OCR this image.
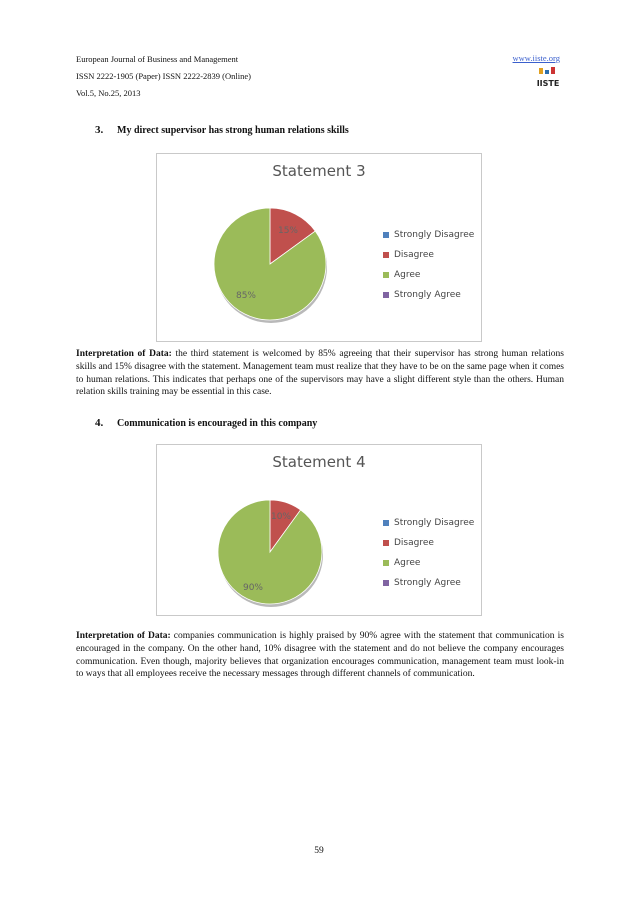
European Journal of Business and Management
ISSN 2222-1905 (Paper) ISSN 2222-2839 (Online)
Vol.5, No.25, 2013
www.iiste.org
IISTE
3. My direct supervisor has strong human relations skills
Statement 3
15%
85%
Strongly Disagree
Disagree
Agree
Strongly Agree
Interpretation of Data: the third statement is welcomed by 85% agreeing that their supervisor has strong human relations skills and 15% disagree with the statement. Management team must realize that they have to be on the same page when it comes to human relations. This indicates that perhaps one of the supervisors may have a slight different style than the others. Human relation skills training may be essential in this case.
4. Communication is encouraged in this company
Statement 4
10%
90%
Strongly Disagree
Disagree
Agree
Strongly Agree
Interpretation of Data: companies communication is highly praised by 90% agree with the statement that communication is encouraged in the company. On the other hand, 10% disagree with the statement and do not believe the company encourages communication. Even though, majority believes that organization encourages communication, management team must look-in to ways that all employees receive the necessary messages through different channels of communication.
59
